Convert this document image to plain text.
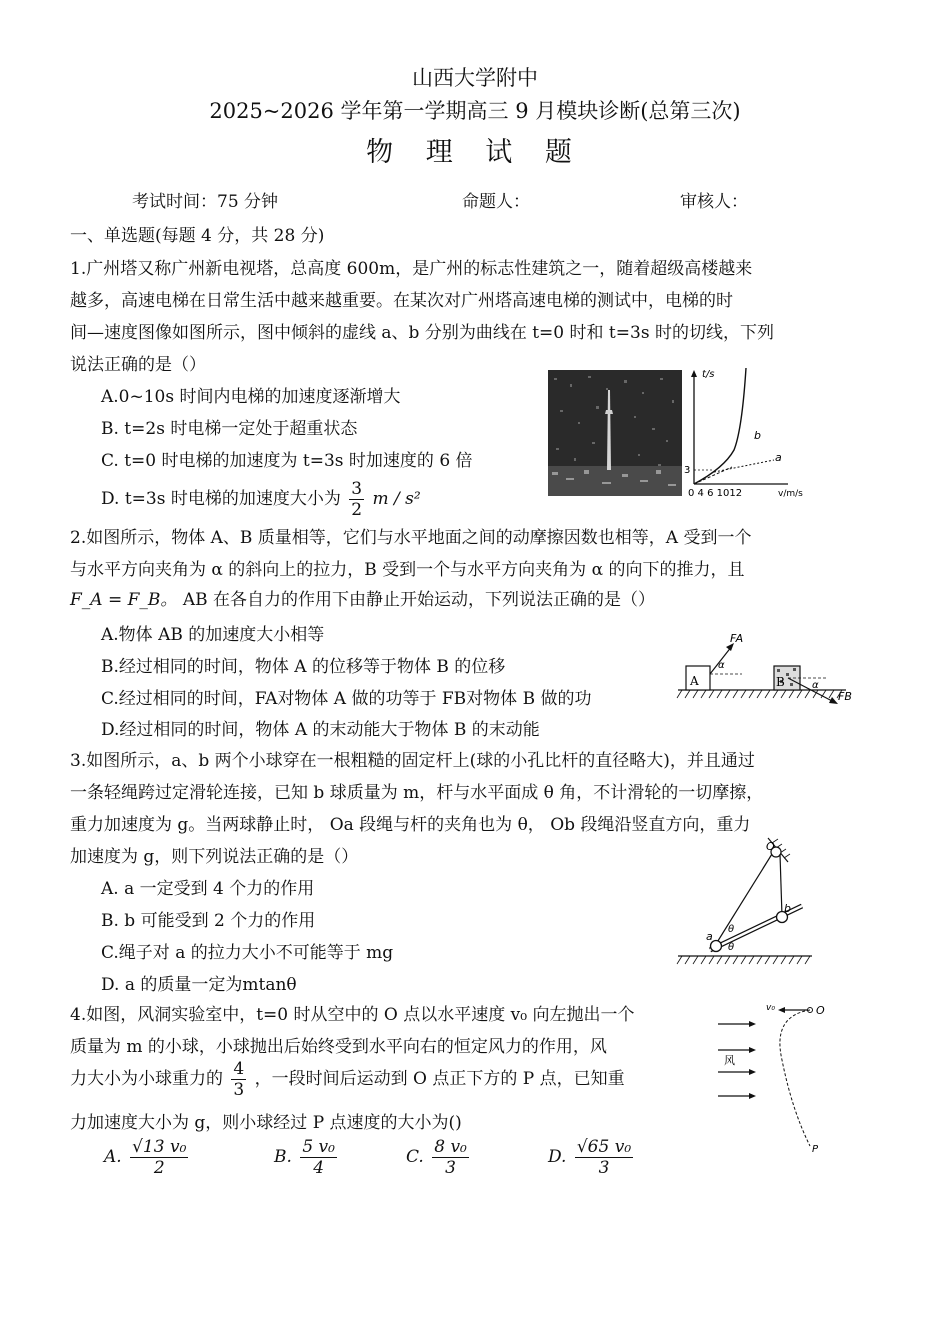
山西大学附中
2025~2026 学年第一学期高三 9 月模块诊断(总第三次)
物 理 试 题
考试时间：75 分钟	命题人：	审核人：
一、单选题(每题 4 分，共 28 分)
1.广州塔又称广州新电视塔，总高度 600m，是广州的标志性建筑之一，随着超级高楼越来
越多，高速电梯在日常生活中越来越重要。在某次对广州塔高速电梯的测试中，电梯的时
间—速度图像如图所示，图中倾斜的虚线 a、b 分别为曲线在 t=0 时和 t=3s 时的切线，下列
说法正确的是（）
A.0~10s 时间内电梯的加速度逐渐增大
B. t=2s 时电梯一定处于超重状态
C. t=0 时电梯的加速度为 t=3s 时加速度的 6 倍
D. t=3s 时电梯的加速度大小为 $\frac{3}{2}$ m / s²
t/s
b
a
3
0 4 6 1012	v/m/s
2.如图所示，物体 A、B 质量相等，它们与水平地面之间的动摩擦因数也相等，A 受到一个
与水平方向夹角为 α 的斜向上的拉力，B 受到一个与水平方向夹角为 α 的向下的推力，且
F_A = F_B。 AB 在各自力的作用下由静止开始运动，下列说法正确的是（）
A.物体 AB 的加速度大小相等
B.经过相同的时间，物体 A 的位移等于物体 B 的位移
C.经过相同的时间，FA对物体 A 做的功等于 FB对物体 B 做的功
D.经过相同的时间，物体 A 的末动能大于物体 B 的末动能
A
FA
α
B	α
FB
3.如图所示，a、b 两个小球穿在一根粗糙的固定杆上(球的小孔比杆的直径略大)，并且通过
一条轻绳跨过定滑轮连接，已知 b 球质量为 m，杆与水平面成 θ 角，不计滑轮的一切摩擦，
重力加速度为 g。当两球静止时， Oa 段绳与杆的夹角也为 θ， Ob 段绳沿竖直方向，重力
加速度为 g，则下列说法正确的是（）
A. a 一定受到 4 个力的作用
B. b 可能受到 2 个力的作用
C.绳子对 a 的拉力大小不可能等于 mg
D. a 的质量一定为mtanθ
O
a
b
θ
θ
4.如图，风洞实验室中，t=0 时从空中的 O 点以水平速度 v₀ 向左抛出一个
质量为 m 的小球，小球抛出后始终受到水平向右的恒定风力的作用，风
力大小为小球重力的 $\frac{4}{3}$ ，一段时间后运动到 O 点正下方的 P 点，已知重
力加速度大小为 g，则小球经过 P 点速度的大小为()
A. $\frac{\text{√13 v₀}}{2}$	B. $\frac{\text{5 v₀}}{4}$	C. $\frac{\text{8 v₀}}{3}$	D. $\frac{\text{√65 v₀}}{3}$
风
v₀	O
P
